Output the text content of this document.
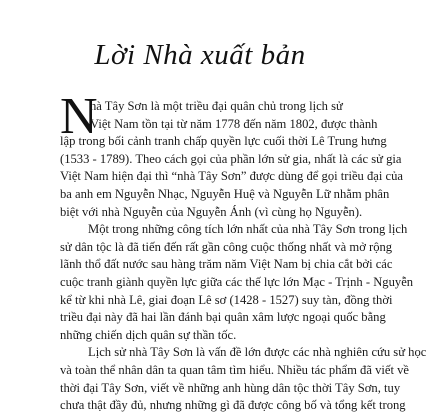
Lời Nhà xuất bản
N
hà Tây Sơn là một triều đại quân chủ trong lịch sử
Việt Nam tồn tại từ năm 1778 đến năm 1802, được thành
lập trong bối cảnh tranh chấp quyền lực cuối thời Lê Trung hưng
(1533 - 1789). Theo cách gọi của phần lớn sử gia, nhất là các sử gia
Việt Nam hiện đại thì “nhà Tây Sơn” được dùng để gọi triều đại của
ba anh em Nguyễn Nhạc, Nguyễn Huệ và Nguyễn Lữ nhằm phân
biệt với nhà Nguyễn của Nguyễn Ánh (vì cùng họ Nguyễn).
Một trong những công tích lớn nhất của nhà Tây Sơn trong lịch
sử dân tộc là đã tiến đến rất gần công cuộc thống nhất và mở rộng
lãnh thổ đất nước sau hàng trăm năm Việt Nam bị chia cắt bởi các
cuộc tranh giành quyền lực giữa các thế lực lớn Mạc - Trịnh - Nguyễn
kể từ khi nhà Lê, giai đoạn Lê sơ (1428 - 1527) suy tàn, đồng thời
triều đại này đã hai lần đánh bại quân xâm lược ngoại quốc bằng
những chiến dịch quân sự thần tốc.
Lịch sử nhà Tây Sơn là vấn đề lớn được các nhà nghiên cứu sử học
và toàn thể nhân dân ta quan tâm tìm hiểu. Nhiều tác phẩm đã viết về
thời đại Tây Sơn, viết về những anh hùng dân tộc thời Tây Sơn, tuy
chưa thật đầy đủ, nhưng những gì đã được công bố và tổng kết trong
